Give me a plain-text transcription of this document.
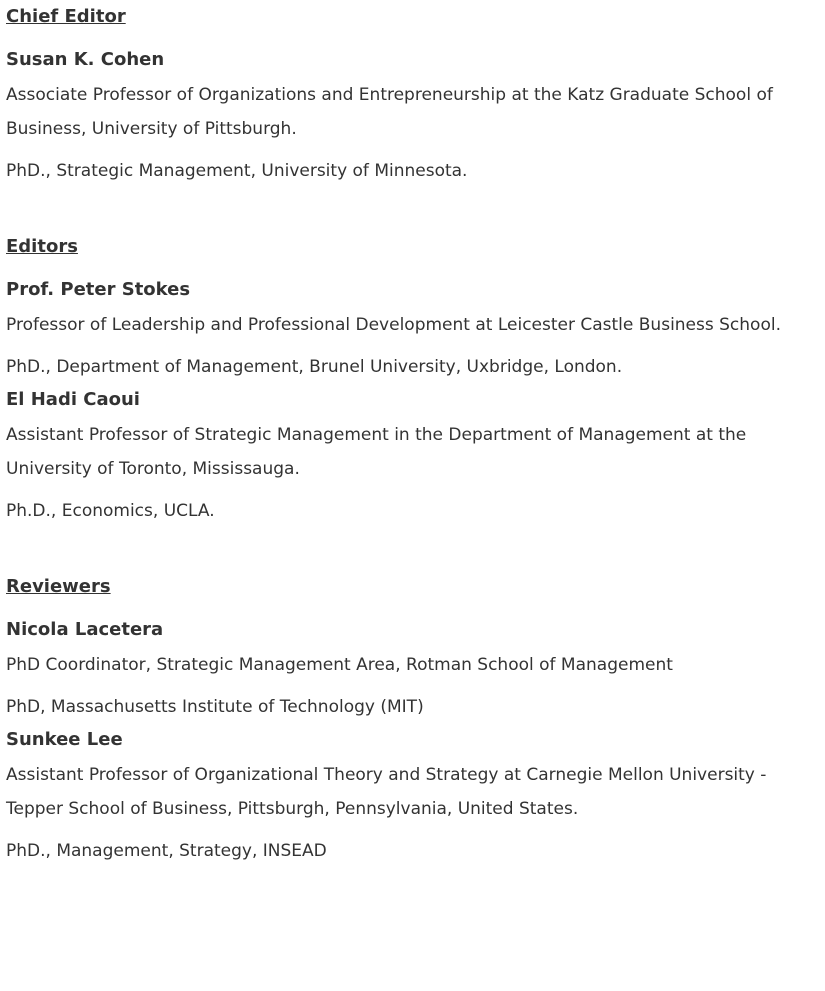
Chief Editor

Susan K. Cohen

Associate Professor of Organizations and Entrepreneurship at the Katz Graduate School of Business, University of Pittsburgh.

PhD., Strategic Management, University of Minnesota.

Editors

Prof. Peter Stokes

Professor of Leadership and Professional Development at Leicester Castle Business School.

PhD., Department of Management, Brunel University, Uxbridge, London.

El Hadi Caoui

Assistant Professor of Strategic Management in the Department of Management at the University of Toronto, Mississauga.

Ph.D., Economics, UCLA.

Reviewers

Nicola Lacetera

PhD Coordinator, Strategic Management Area, Rotman School of Management

PhD, Massachusetts Institute of Technology (MIT)

Sunkee Lee

Assistant Professor of Organizational Theory and Strategy at Carnegie Mellon University - Tepper School of Business, Pittsburgh, Pennsylvania, United States.

PhD., Management, Strategy, INSEAD
